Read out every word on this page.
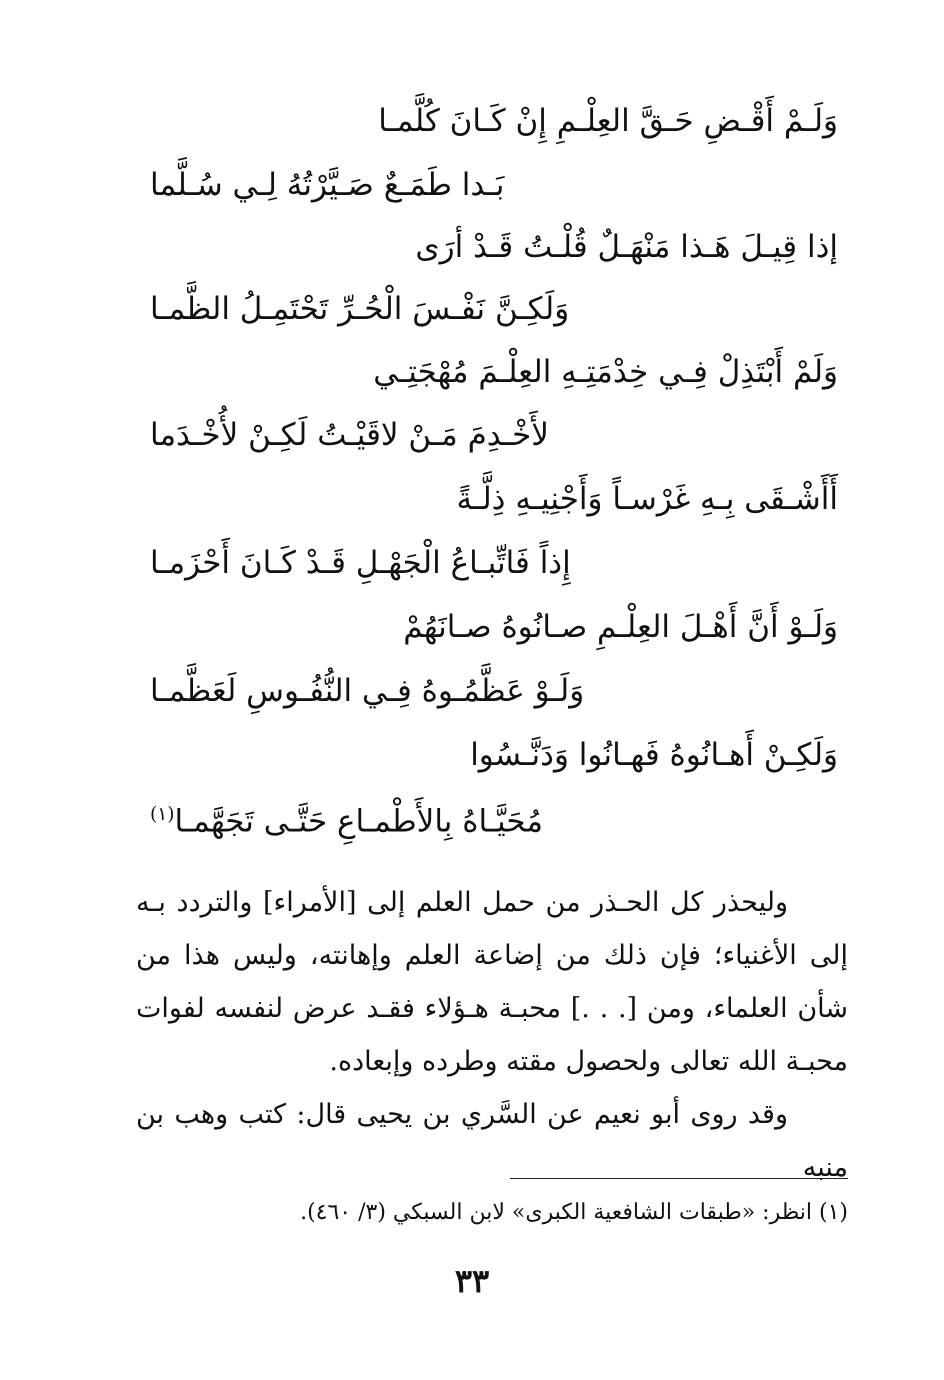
وَلَـمْ أَقْـضِ حَـقَّ العِلْـمِ إِنْ كَـانَ كُلَّمـا
بَـدا طَمَـعٌ صَـيَّرْتُهُ لِـي سُـلَّما
إذا قِيـلَ هَـذا مَنْهَـلٌ قُلْـتُ قَـدْ أرَى
وَلَكِـنَّ نَفْـسَ الْحُـرِّ تَحْتَمِـلُ الظَّمـا
وَلَمْ أَبْتَذِلْ فِـي خِدْمَتِـهِ العِلْـمَ مُهْجَتِـي
لأَخْـدِمَ مَـنْ لاقَيْـتُ لَكِـنْ لأُخْـدَما
أَأَشْـقَى بِـهِ غَرْسـاً وَأَجْنِيـهِ ذِلَّـةً
إِذاً فَاتِّبـاعُ الْجَهْـلِ قَـدْ كَـانَ أَحْزَمـا
وَلَـوْ أَنَّ أَهْـلَ العِلْـمِ صـانُوهُ صـانَهُمْ
وَلَـوْ عَظَّمُـوهُ فِـي النُّفُـوسِ لَعَظَّمـا
وَلَكِـنْ أَهـانُوهُ فَهـانُوا وَدَنَّـسُوا
مُحَيَّـاهُ بِالأَطْمـاعِ حَتَّـى تَجَهَّمـا$^{(١)}$

وليحذر كل الحـذر من حمل العلم إلى [الأمراء] والتردد بـه إلى الأغنياء؛ فإن ذلك من إضاعة العلم وإهانته، وليس هذا من شأن العلماء، ومن [. . .] محبـة هـؤلاء فقـد عرض لنفسه لفوات محبـة الله تعالى ولحصول مقته وطرده وإبعاده.

وقد روى أبو نعيم عن السَّري بن يحيى قال: كتب وهب بن منبه

(١) انظر: «طبقات الشافعية الكبرى» لابن السبكي (٣/ ٤٦٠).
٣٣
